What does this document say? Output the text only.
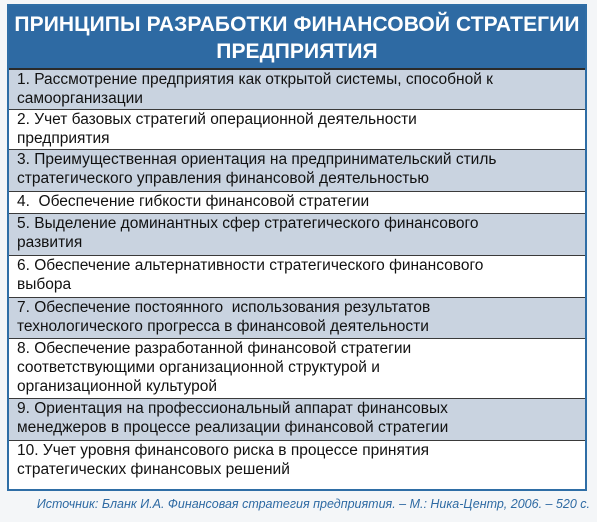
ПРИНЦИПЫ РАЗРАБОТКИ ФИНАНСОВОЙ СТРАТЕГИИ
ПРЕДПРИЯТИЯ
1. Рассмотрение предприятия как открытой системы, способной к
самоорганизации
2. Учет базовых стратегий операционной деятельности
предприятия
3. Преимущественная ориентация на предпринимательский стиль
стратегического управления финансовой деятельностью
4.  Обеспечение гибкости финансовой стратегии
5. Выделение доминантных сфер стратегического финансового
развития
6. Обеспечение альтернативности стратегического финансового
выбора
7. Обеспечение постоянного  использования результатов
технологического прогресса в финансовой деятельности
8. Обеспечение разработанной финансовой стратегии
соответствующими организационной структурой и
организационной культурой
9. Ориентация на профессиональный аппарат финансовых
менеджеров в процессе реализации финансовой стратегии
10. Учет уровня финансового риска в процессе принятия
стратегических финансовых решений
Источник: Бланк И.А. Финансовая стратегия предприятия. – М.: Ника-Центр, 2006. – 520 с.
